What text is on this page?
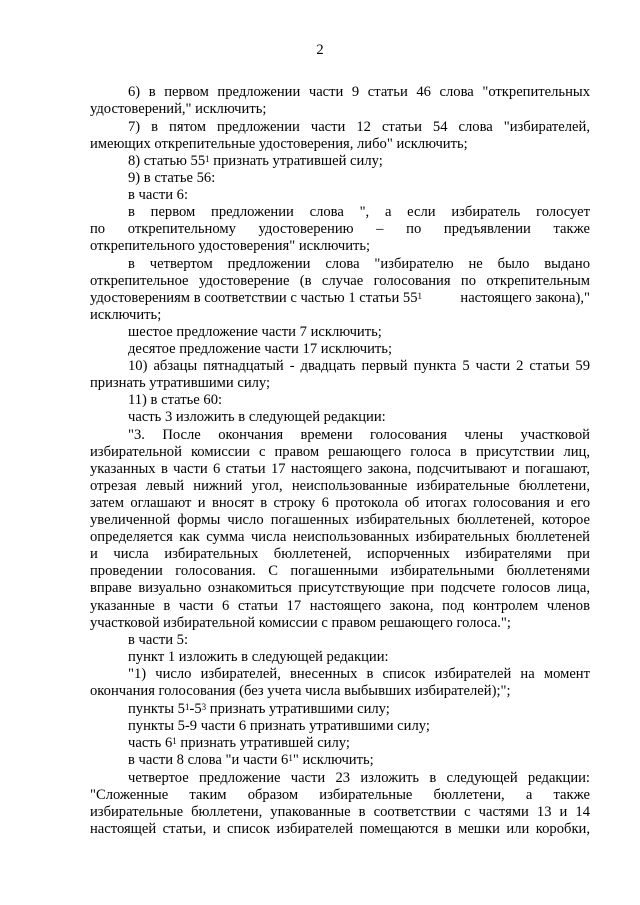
2
6) в первом предложении части 9 статьи 46 слова "открепительных
удостоверений," исключить;
7) в пятом предложении части 12 статьи 54 слова "избирателей,
имеющих открепительные удостоверения, либо" исключить;
8) статью $55^1$ признать утратившей силу;
9) в статье 56:
в части 6:
в первом предложении слова ", а если избиратель голосует
по открепительному удостоверению – по предъявлении также
открепительного удостоверения" исключить;
в четвертом предложении слова "избирателю не было выдано
открепительное удостоверение (в случае голосования по открепительным
удостоверениям в соответствии с частью 1 статьи $55^1$	настоящего закона),"
исключить;
шестое предложение части 7 исключить;
десятое предложение части 17 исключить;
10) абзацы пятнадцатый - двадцать первый пункта 5 части 2 статьи 59
признать утратившими силу;
11) в статье 60:
часть 3 изложить в следующей редакции:
"3. После окончания времени голосования члены участковой
избирательной комиссии с правом решающего голоса в присутствии лиц,
указанных в части 6 статьи 17 настоящего закона, подсчитывают и погашают,
отрезая левый нижний угол, неиспользованные избирательные бюллетени,
затем оглашают и вносят в строку 6 протокола об итогах голосования и его
увеличенной формы число погашенных избирательных бюллетеней, которое
определяется как сумма числа неиспользованных избирательных бюллетеней
и числа избирательных бюллетеней, испорченных избирателями при
проведении голосования. С погашенными избирательными бюллетенями
вправе визуально ознакомиться присутствующие при подсчете голосов лица,
указанные в части 6 статьи 17 настоящего закона, под контролем членов
участковой избирательной комиссии с правом решающего голоса.";
в части 5:
пункт 1 изложить в следующей редакции:
"1) число избирателей, внесенных в список избирателей на момент
окончания голосования (без учета числа выбывших избирателей);";
пункты $5^1-5^3$ признать утратившими силу;
пункты 5-9 части 6 признать утратившими силу;
часть $6^1$ признать утратившей силу;
в части 8 слова "и части $6^1$" исключить;
четвертое предложение части 23 изложить в следующей редакции:
"Сложенные таким образом избирательные бюллетени, а также
избирательные бюллетени, упакованные в соответствии с частями 13 и 14
настоящей статьи, и список избирателей помещаются в мешки или коробки,
